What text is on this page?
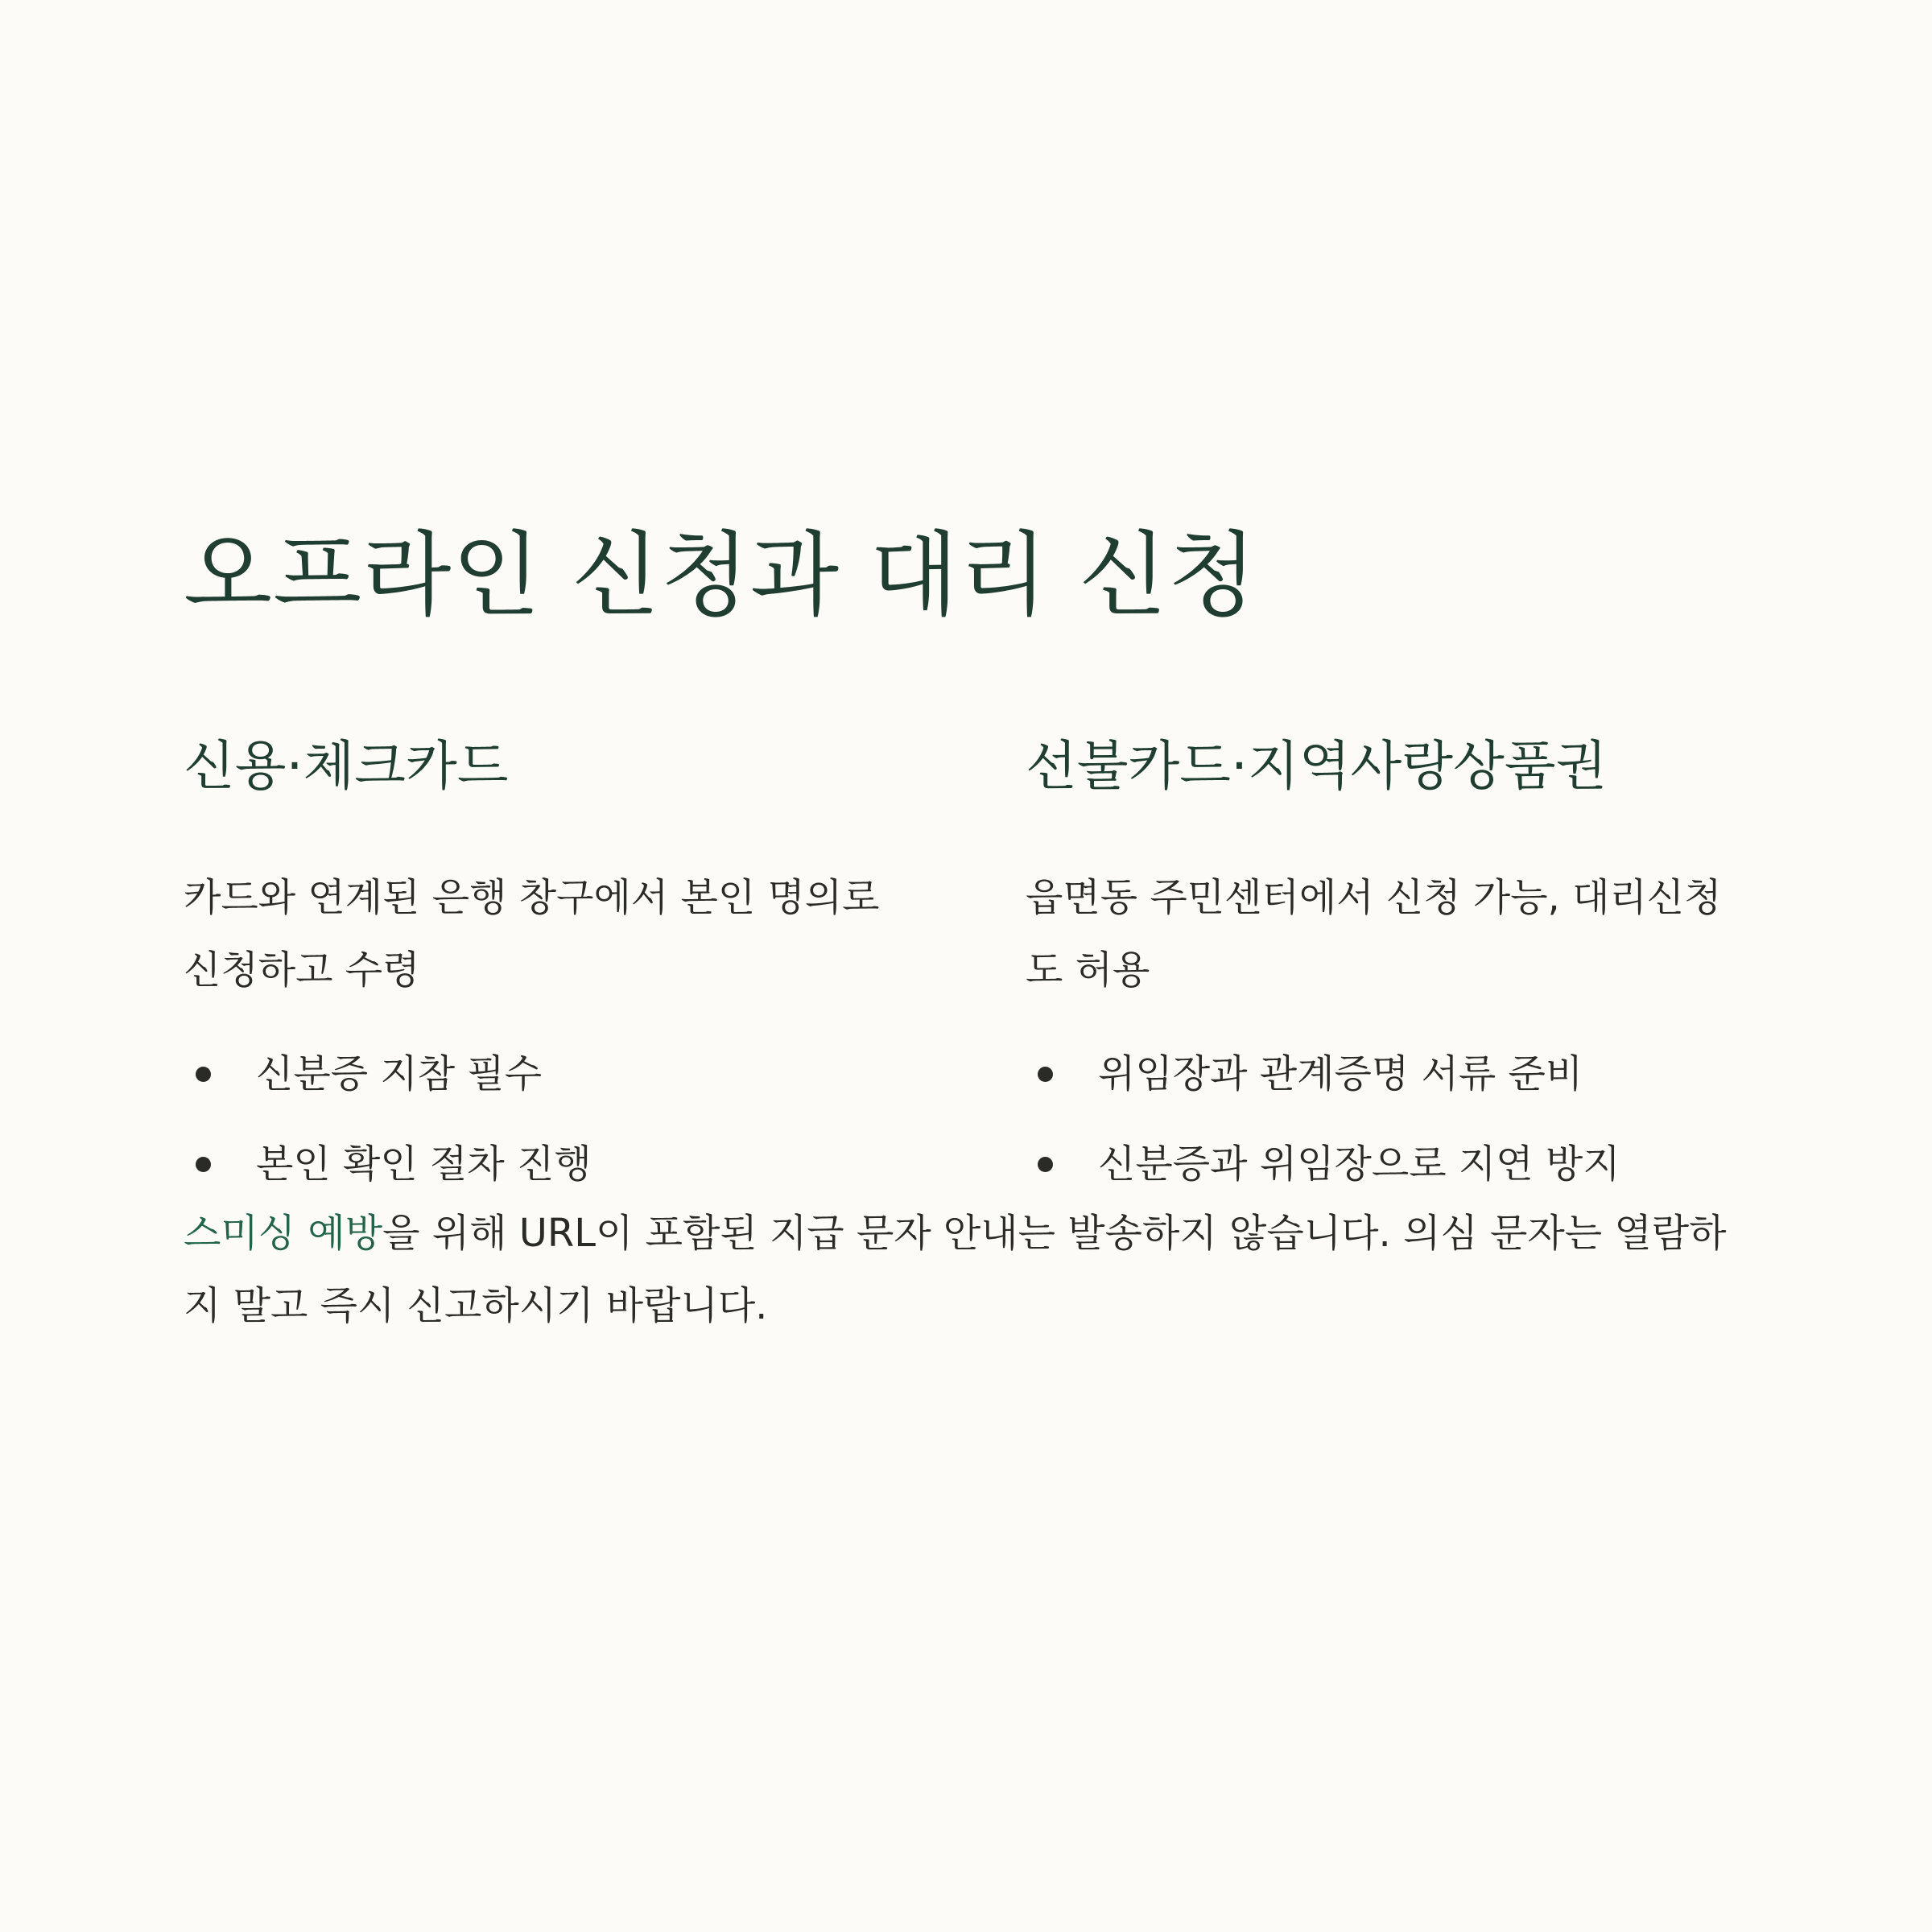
오프라인 신청과 대리 신청
신용·체크카드

카드와 연계된 은행 창구에서 본인 명의로 신청하고 수령

신분증 지참 필수
본인 확인 절차 진행
선불카드·지역사랑상품권

읍면동 주민센터에서 신청 가능, 대리신청도 허용

위임장과 관계증명 서류 준비
신분증과 위임장으로 지연 방지

스미싱 예방을 위해 URL이 포함된 지급 문자 안내는 발송하지 않습니다. 의심 문자는 열람하지 말고 즉시 신고하시기 바랍니다.
